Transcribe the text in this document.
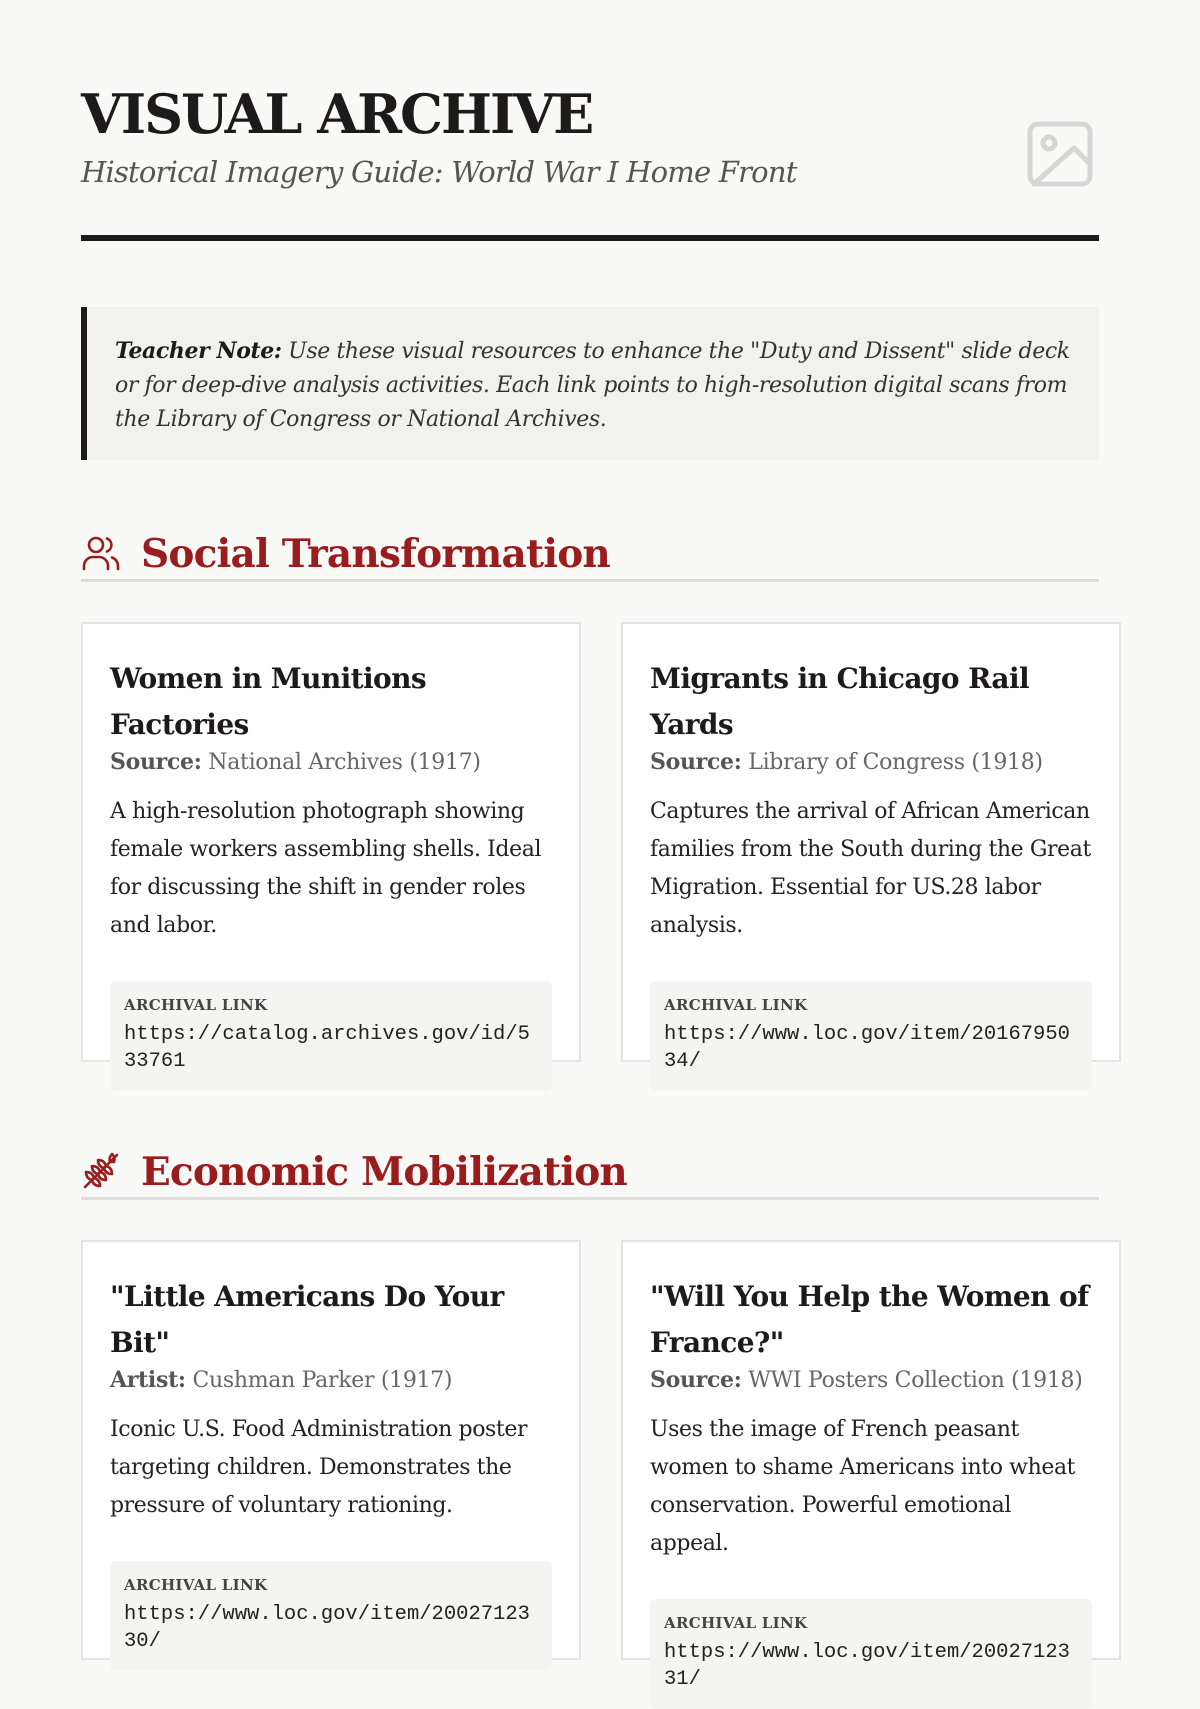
VISUAL ARCHIVE
Historical Imagery Guide: World War I Home Front
Teacher Note: Use these visual resources to enhance the "Duty and Dissent" slide deck or for deep-dive analysis activities. Each link points to high-resolution digital scans from the Library of Congress or National Archives.
Social Transformation
Women in Munitions Factories
Source: National Archives (1917)

A high-resolution photograph showing female workers assembling shells. Ideal for discussing the shift in gender roles and labor.

ARCHIVAL LINK
https://catalog.archives.gov/id/533761
Migrants in Chicago Rail Yards
Source: Library of Congress (1918)

Captures the arrival of African American families from the South during the Great Migration. Essential for US.28 labor analysis.

ARCHIVAL LINK
https://www.loc.gov/item/2016795034/
Economic Mobilization
"Little Americans Do Your Bit"
Artist: Cushman Parker (1917)

Iconic U.S. Food Administration poster targeting children. Demonstrates the pressure of voluntary rationing.

ARCHIVAL LINK
https://www.loc.gov/item/2002712330/
"Will You Help the Women of France?"
Source: WWI Posters Collection (1918)

Uses the image of French peasant women to shame Americans into wheat conservation. Powerful emotional appeal.

ARCHIVAL LINK
https://www.loc.gov/item/2002712331/
